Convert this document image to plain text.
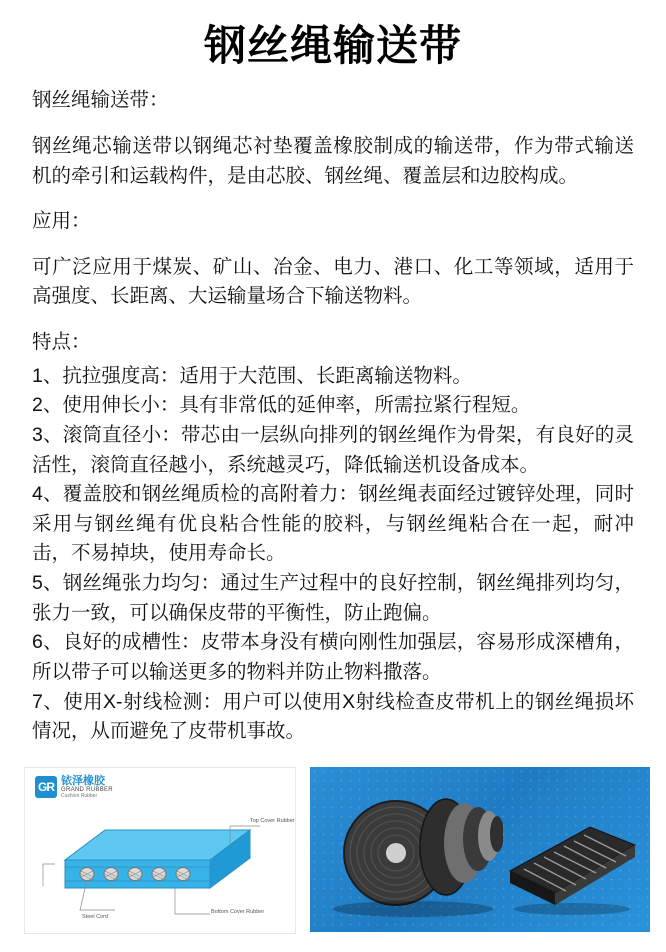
钢丝绳输送带

钢丝绳输送带：

钢丝绳芯输送带以钢绳芯衬垫覆盖橡胶制成的输送带，作为带式输送机的牵引和运载构件，是由芯胶、钢丝绳、覆盖层和边胶构成。

应用：

可广泛应用于煤炭、矿山、冶金、电力、港口、化工等领域，适用于高强度、长距离、大运输量场合下输送物料。

特点：

1、抗拉强度高：适用于大范围、长距离输送物料。

2、使用伸长小：具有非常低的延伸率，所需拉紧行程短。

3、滚筒直径小：带芯由一层纵向排列的钢丝绳作为骨架，有良好的灵活性，滚筒直径越小，系统越灵巧，降低输送机设备成本。

4、覆盖胶和钢丝绳质检的高附着力：钢丝绳表面经过镀锌处理，同时采用与钢丝绳有优良粘合性能的胶料，与钢丝绳粘合在一起，耐冲击，不易掉块，使用寿命长。

5、钢丝绳张力均匀：通过生产过程中的良好控制，钢丝绳排列均匀，张力一致，可以确保皮带的平衡性，防止跑偏。

6、良好的成槽性：皮带本身没有横向刚性加强层，容易形成深槽角，所以带子可以输送更多的物料并防止物料撒落。

7、使用X-射线检测：用户可以使用X射线检查皮带机上的钢丝绳损坏情况，从而避免了皮带机事故。

GR 铱泽橡胶
GRAND RUBBER
Cushion Rubber
Top Cover Rubber
Bottom Cover Rubber
Steel Cord
